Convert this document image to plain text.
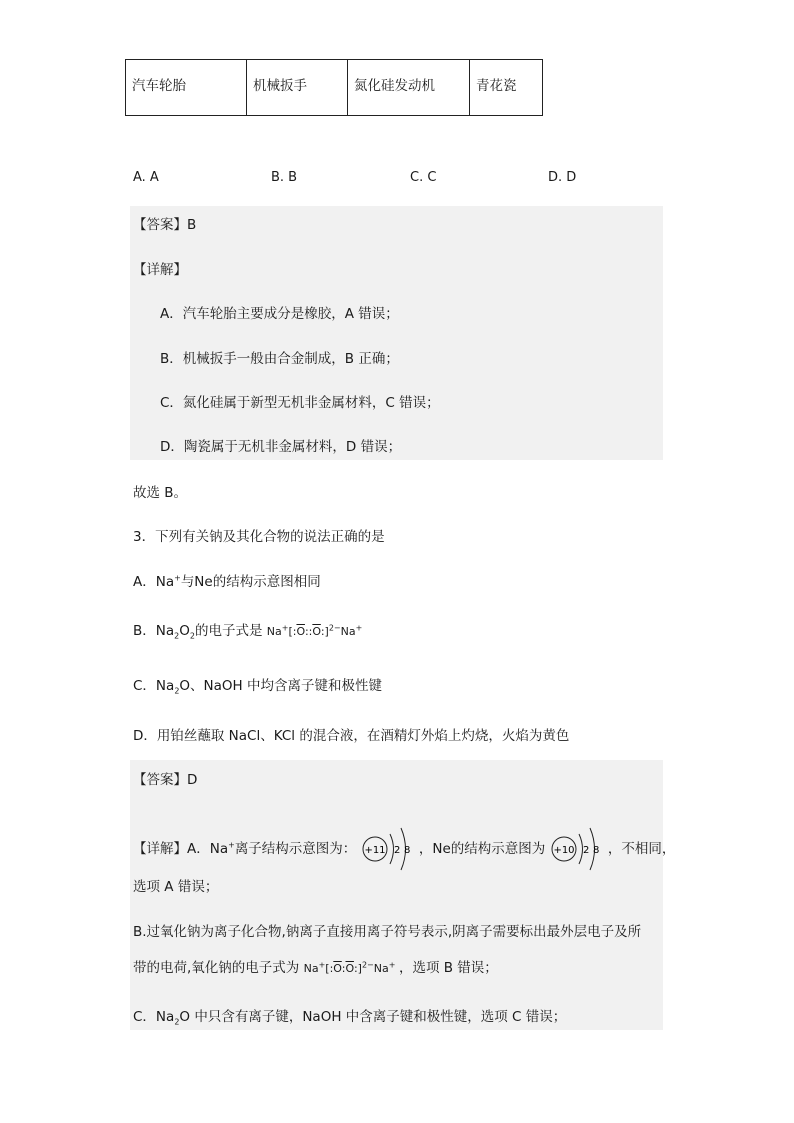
汽车轮胎	机械扳手	氮化硅发动机	青花瓷
A. A	B. B	C. C	D. D
【答案】B
【详解】
A．汽车轮胎主要成分是橡胶，A 错误；
B．机械扳手一般由合金制成，B 正确；
C．氮化硅属于新型无机非金属材料，C 错误；
D．陶瓷属于无机非金属材料，D 错误；
故选 B。
3．下列有关钠及其化合物的说法正确的是
A．Na+与Ne的结构示意图相同
B．$Na_2O_2$的电子式是 $Na^+[:\overline{O}::\overline{O}:]^{2-}Na^+$
C．$Na_2O$、NaOH 中均含离子键和极性键
D．用铂丝蘸取 NaCl、KCl 的混合液，在酒精灯外焰上灼烧，火焰为黄色
【答案】D
【详解】A．Na+离子结构示意图为： +11 2 8 ，Ne的结构示意图为 +10 2 8 ，不相同，
选项 A 错误；
B.过氧化钠为离子化合物,钠离子直接用离子符号表示,阴离子需要标出最外层电子及所
带的电荷,氧化钠的电子式为 $Na^+[:\overline{O}:\overline{O}:]^{2-}Na^+$ ，选项 B 错误；
C．$Na_2O$ 中只含有离子键，NaOH 中含离子键和极性键，选项 C 错误；
